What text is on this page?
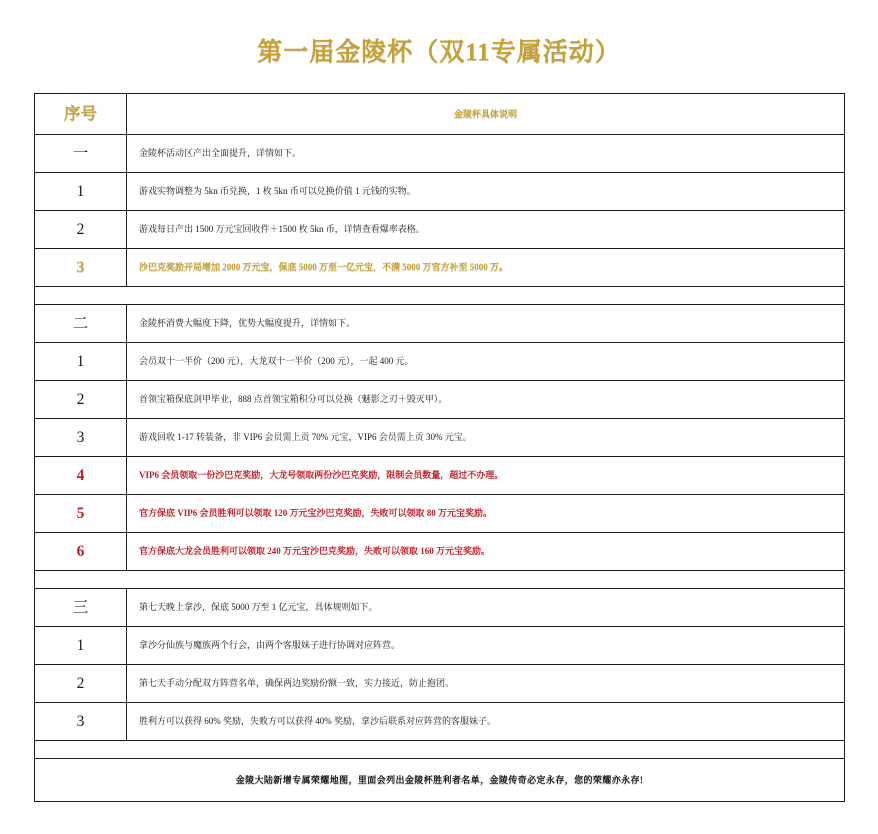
第一届金陵杯（双11专属活动）
序号	金陵杯具体说明
一	金陵杯活动区产出全面提升，详情如下。
1	游戏实物调整为 5kn 币兑换，1 枚 5kn 币可以兑换价值 1 元钱的实物。
2	游戏每日产出 1500 万元宝回收件＋1500 枚 5kn 币，详情查看爆率表格。
3	沙巴克奖励开局增加 2000 万元宝，保底 5000 万至一亿元宝，不满 5000 万官方补至 5000 万。

二	金陵杯消费大幅度下降，优势大幅度提升，详情如下。
1	会员双十一半价（200 元），大龙双十一半价（200 元），一起 400 元。
2	首领宝箱保底剑甲毕业，888 点首领宝箱积分可以兑换（魅影之刃＋毁灭甲）。
3	游戏回收 1-17 转装备，非 VIP6 会员需上贡 70% 元宝，VIP6 会员需上贡 30% 元宝。
4	VIP6 会员领取一份沙巴克奖励，大龙号领取两份沙巴克奖励，限制会员数量，超过不办理。
5	官方保底 VIP6 会员胜利可以领取 120 万元宝沙巴克奖励，失败可以领取 80 万元宝奖励。
6	官方保底大龙会员胜利可以领取 240 万元宝沙巴克奖励，失败可以领取 160 万元宝奖励。

三	第七天晚上拿沙，保底 5000 万至 1 亿元宝，具体规则如下。
1	拿沙分仙族与魔族两个行会，由两个客服妹子进行协调对应阵营。
2	第七天手动分配双方阵营名单，确保两边奖励份额一致，实力接近，防止抱团。
3	胜利方可以获得 60% 奖励，失败方可以获得 40% 奖励，拿沙后联系对应阵营的客服妹子。

金陵大陆新增专属荣耀地图，里面会列出金陵杯胜利者名单，金陵传奇必定永存，您的荣耀亦永存!	
